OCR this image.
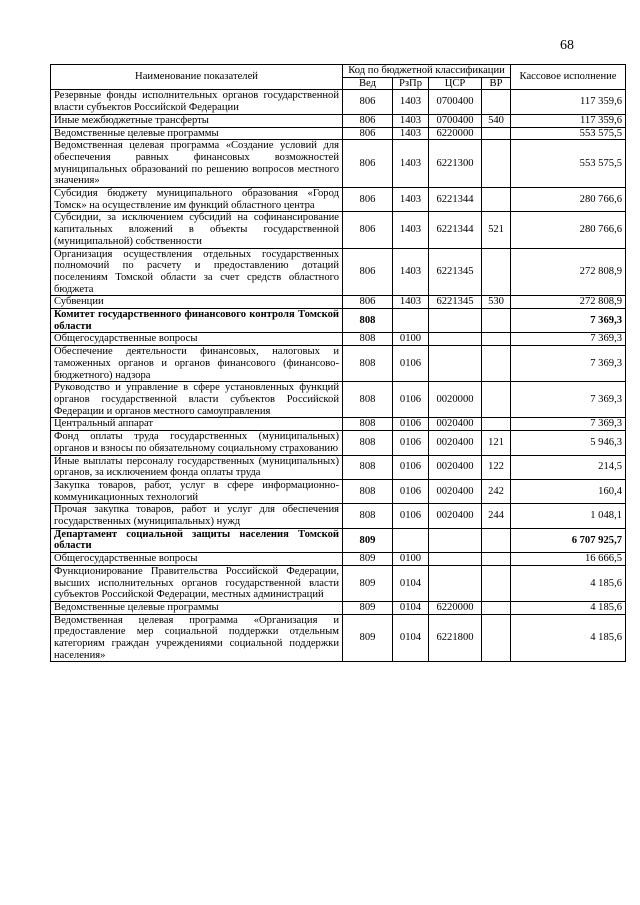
68
Наименование показателей	Код по бюджетной классификации				Кассовое исполнение
	Вед	РзПр	ЦСР	ВР	
Резервные фонды исполнительных органов государственной власти субъектов Российской Федерации	806	1403	0700400		117 359,6
Иные межбюджетные трансферты	806	1403	0700400	540	117 359,6
Ведомственные целевые программы	806	1403	6220000		553 575,5
Ведомственная целевая программа «Создание условий для обеспечения равных финансовых возможностей муниципальных образований по решению вопросов местного значения»	806	1403	6221300		553 575,5
Субсидия бюджету муниципального образования «Город Томск» на осуществление им функций областного центра	806	1403	6221344		280 766,6
Субсидии, за исключением субсидий на софинансирование капитальных вложений в объекты государственной (муниципальной) собственности	806	1403	6221344	521	280 766,6
Организация осуществления отдельных государственных полномочий по расчету и предоставлению дотаций поселениям Томской области за счет средств областного бюджета	806	1403	6221345		272 808,9
Субвенции	806	1403	6221345	530	272 808,9
Комитет государственного финансового контроля Томской области	808				7 369,3
Общегосударственные вопросы	808	0100			7 369,3
Обеспечение деятельности финансовых, налоговых и таможенных органов и органов финансового (финансово-бюджетного) надзора	808	0106			7 369,3
Руководство и управление в сфере установленных функций органов государственной власти субъектов Российской Федерации и органов местного самоуправления	808	0106	0020000		7 369,3
Центральный аппарат	808	0106	0020400		7 369,3
Фонд оплаты труда государственных (муниципальных) органов и взносы по обязательному социальному страхованию	808	0106	0020400	121	5 946,3
Иные выплаты персоналу государственных (муниципальных) органов, за исключением фонда оплаты труда	808	0106	0020400	122	214,5
Закупка товаров, работ, услуг в сфере информационно-коммуникационных технологий	808	0106	0020400	242	160,4
Прочая закупка товаров, работ и услуг для обеспечения государственных (муниципальных) нужд	808	0106	0020400	244	1 048,1
Департамент социальной защиты населения Томской области	809				6 707 925,7
Общегосударственные вопросы	809	0100			16 666,5
Функционирование Правительства Российской Федерации, высших исполнительных органов государственной власти субъектов Российской Федерации, местных администраций	809	0104			4 185,6
Ведомственные целевые программы	809	0104	6220000		4 185,6
Ведомственная целевая программа «Организация и предоставление мер социальной поддержки отдельным категориям граждан учреждениями социальной поддержки населения»	809	0104	6221800		4 185,6
